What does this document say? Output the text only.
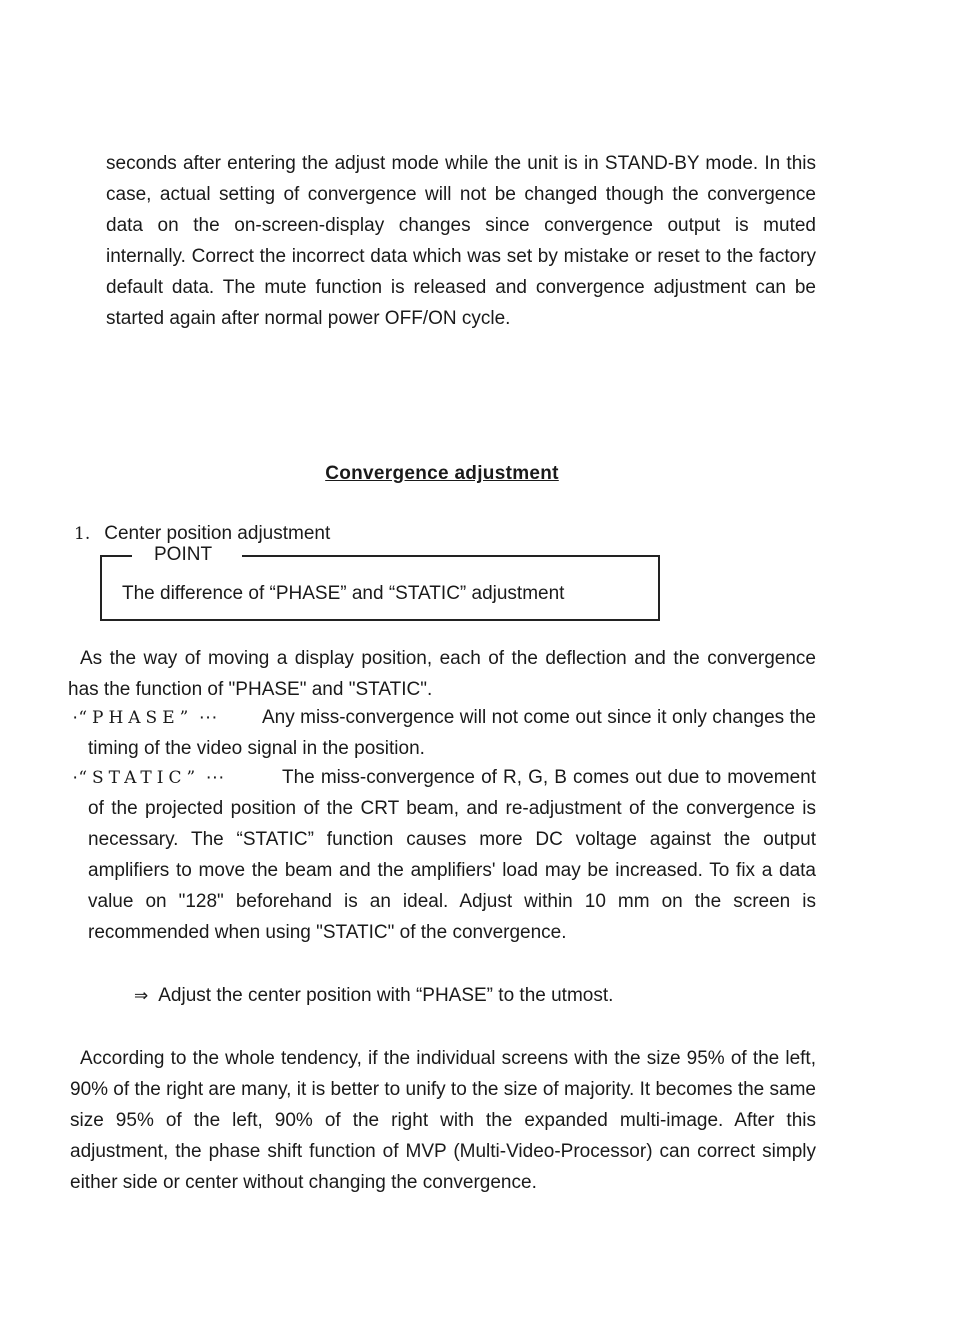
seconds after entering the adjust mode while the unit is in STAND-BY mode. In this case, actual setting of convergence will not be changed though the convergence data on the on-screen-display changes since convergence output is muted internally. Correct the incorrect data which was set by mistake or reset to the factory default data. The mute function is released and convergence adjustment can be started again after normal power OFF/ON cycle.

Convergence adjustment
1. Center position adjustment
POINT
The difference of “PHASE” and “STATIC” adjustment

As the way of moving a display position, each of the deflection and the convergence has the function of "PHASE" and "STATIC".

·“PHASE” ···	Any miss-convergence will not come out since it only changes the timing of the video signal in the position.

·“STATIC” ···	The miss-convergence of R, G, B comes out due to movement of the projected position of the CRT beam, and re-adjustment of the convergence is necessary. The “STATIC” function causes more DC voltage against the output amplifiers to move the beam and the amplifiers' load may be increased. To fix a data value on "128" beforehand is an ideal. Adjust within 10 mm on the screen is recommended when using "STATIC" of the convergence.

⇒ Adjust the center position with “PHASE” to the utmost.

According to the whole tendency, if the individual screens with the size 95% of the left, 90% of the right are many, it is better to unify to the size of majority. It becomes the same size 95% of the left, 90% of the right with the expanded multi-image. After this adjustment, the phase shift function of MVP (Multi-Video-Processor) can correct simply either side or center without changing the convergence.
